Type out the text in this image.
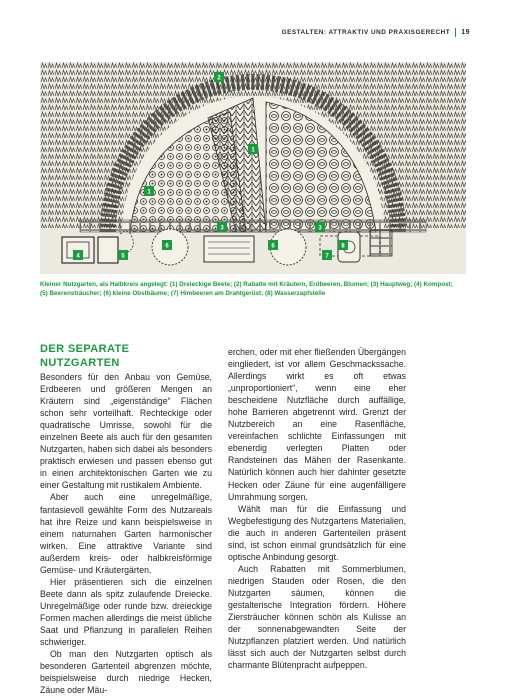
GESTALTEN: ATTRAKTIV UND PRAXISGERECHT 19
1
1
2
3	3
4	5
6	6
7
8
Kleiner Nutzgarten, als Halbkreis angelegt: (1) Dreieckige Beete; (2) Rabatte mit Kräutern, Erdbeeren, Blumen; (3) Hauptweg; (4) Kompost; (5) Beerensträucher; (6) kleine Obstbäume; (7) Himbeeren am Drahtgerüst; (8) Wasserzapfstelle
DER SEPARATE NUTZGARTEN

Besonders für den Anbau von Gemüse, Erdbeeren und größeren Mengen an Kräutern sind „eigenständige“ Flächen schon sehr vorteilhaft. Rechteckige oder quadratische Umrisse, sowohl für die einzelnen Beete als auch für den gesamten Nutzgarten, haben sich dabei als besonders praktisch erwiesen und passen ebenso gut in einen architektonischen Garten wie zu einer Gestaltung mit rustikalem Ambiente.

Aber auch eine unregelmäßige, fantasievoll gewählte Form des Nutzareals hat ihre Reize und kann beispielsweise in einem naturnahen Garten harmonischer wirken. Eine attraktive Variante sind außerdem kreis- oder halbkreisförmige Gemüse- und Kräutergärten.

Hier präsentieren sich die einzelnen Beete dann als spitz zulaufende Dreiecke. Unregelmäßige oder runde bzw. dreieckige Formen machen allerdings die meist übliche Saat und Pflanzung in parallelen Reihen schwieriger.

Ob man den Nutzgarten optisch als besonderen Gartenteil abgrenzen möchte, beispielsweise durch niedrige Hecken, Zäune oder Mäu-

erchen, oder mit eher fließenden Übergängen eingliedert, ist vor allem Geschmackssache. Allerdings wirkt es oft etwas „unproportioniert“, wenn eine eher bescheidene Nutzfläche durch auffällige, hohe Barrieren abgetrennt wird. Grenzt der Nutzbereich an eine Rasenfläche, vereinfachen schlichte Einfassungen mit ebenerdig verlegten Platten oder Randsteinen das Mähen der Rasenkante. Natürlich können auch hier dahinter gesetzte Hecken oder Zäune für eine augenfälligere Umrahmung sorgen.

Wählt man für die Einfassung und Wegbefestigung des Nutzgartens Materialien, die auch in anderen Gartenteilen präsent sind, ist schon einmal grundsätzlich für eine optische Anbindung gesorgt.

Auch Rabatten mit Sommerblumen, niedrigen Stauden oder Rosen, die den Nutzgarten säumen, können die gestalterische Integration fördern. Höhere Ziersträucher können schön als Kulisse an der sonnenabgewandten Seite der Nutzpflanzen platziert werden. Und natürlich lässt sich auch der Nutzgarten selbst durch charmante Blütenpracht aufpeppen.
